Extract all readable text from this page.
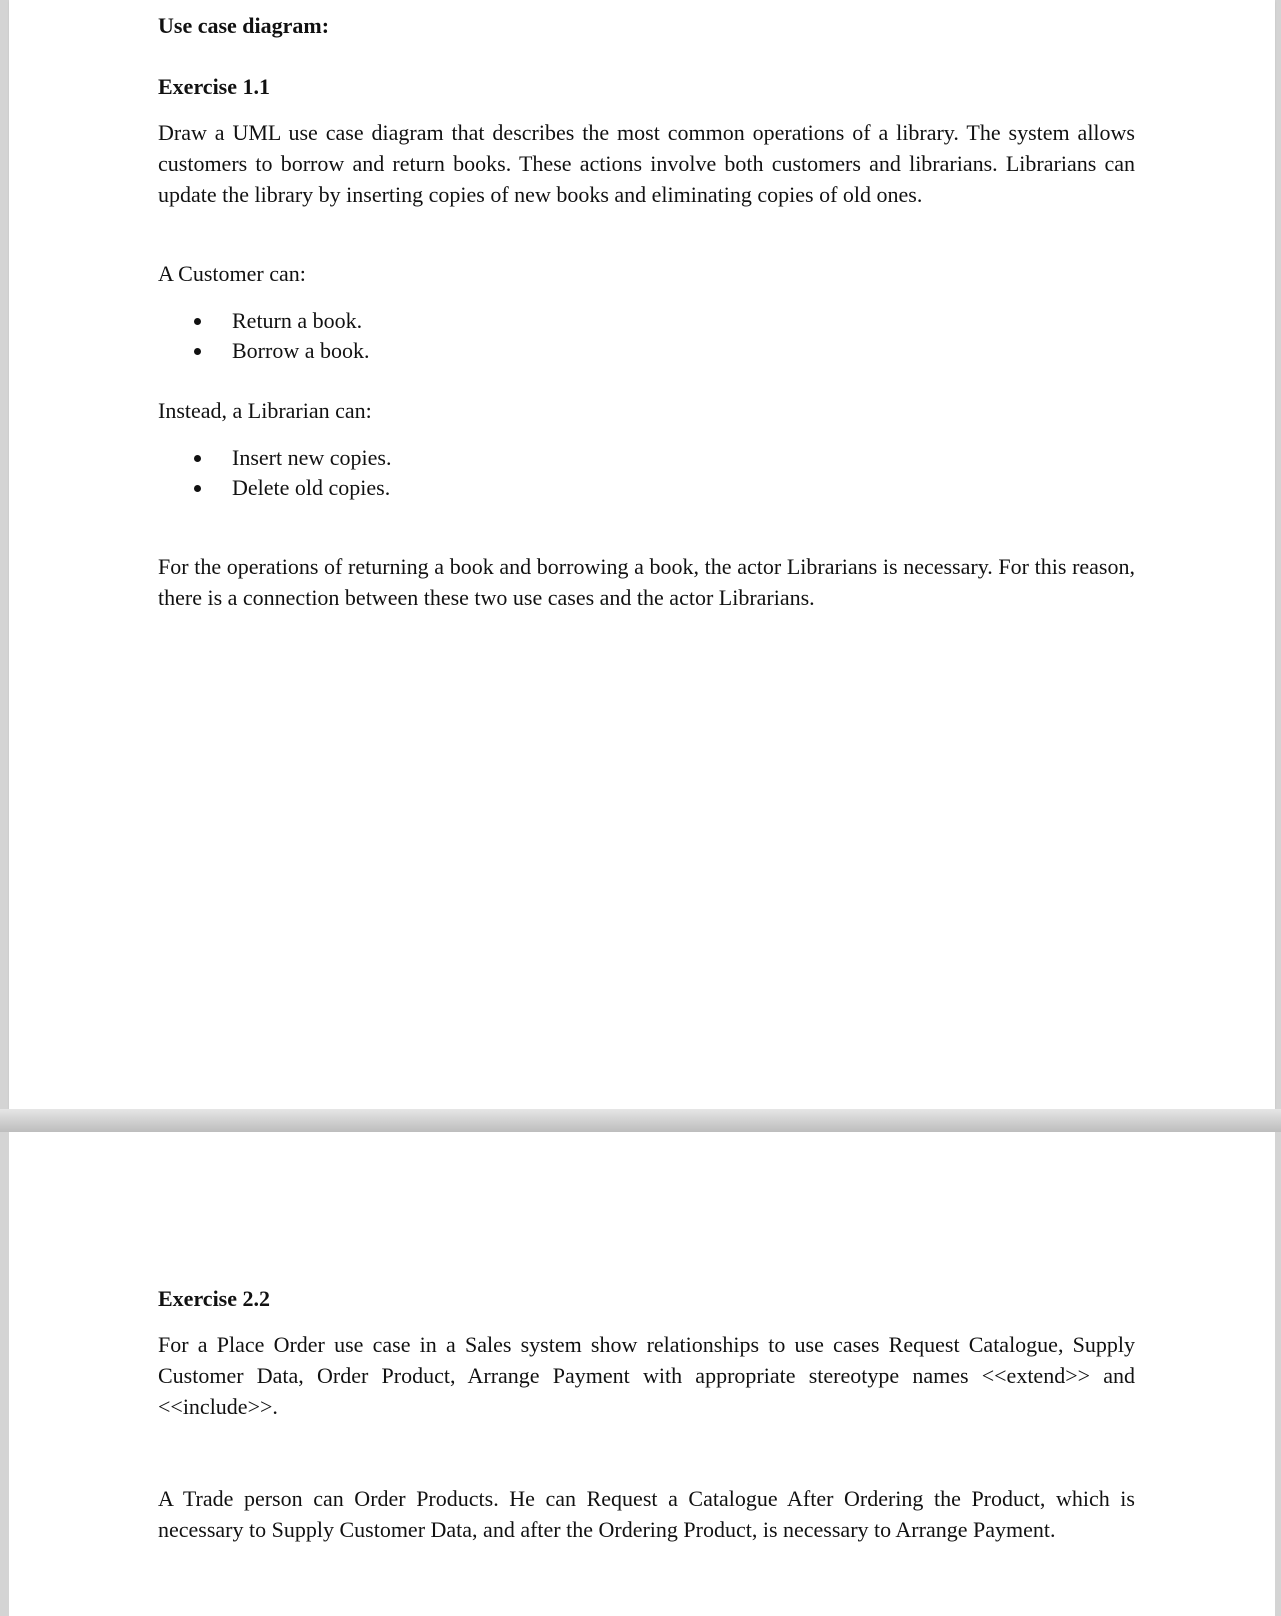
Use case diagram:
Exercise 1.1

Draw a UML use case diagram that describes the most common operations of a library. The system allows customers to borrow and return books. These actions involve both customers and librarians. Librarians can update the library by inserting copies of new books and eliminating copies of old ones.

A Customer can:

Return a book.
Borrow a book.

Instead, a Librarian can:

Insert new copies.
Delete old copies.

For the operations of returning a book and borrowing a book, the actor Librarians is necessary. For this reason, there is a connection between these two use cases and the actor Librarians.

Exercise 2.2

For a Place Order use case in a Sales system show relationships to use cases Request Catalogue, Supply Customer Data, Order Product, Arrange Payment with appropriate stereotype names <<extend>> and <<include>>.

A Trade person can Order Products. He can Request a Catalogue After Ordering the Product, which is necessary to Supply Customer Data, and after the Ordering Product, is necessary to Arrange Payment.
